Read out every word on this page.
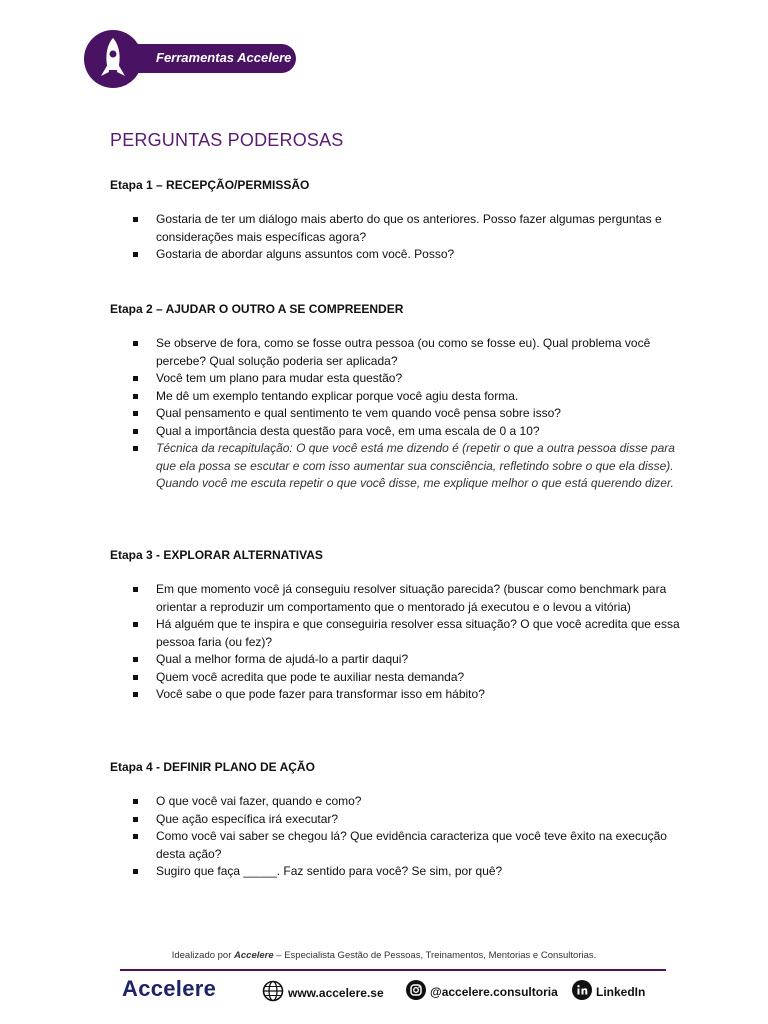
Ferramentas Accelere
PERGUNTAS PODEROSAS
Etapa 1 – RECEPÇÃO/PERMISSÃO
Gostaria de ter um diálogo mais aberto do que os anteriores. Posso fazer algumas perguntas e considerações mais específicas agora?
Gostaria de abordar alguns assuntos com você. Posso?
Etapa 2 – AJUDAR O OUTRO A SE COMPREENDER
Se observe de fora, como se fosse outra pessoa (ou como se fosse eu). Qual problema você percebe? Qual solução poderia ser aplicada?
Você tem um plano para mudar esta questão?
Me dê um exemplo tentando explicar porque você agiu desta forma.
Qual pensamento e qual sentimento te vem quando você pensa sobre isso?
Qual a importância desta questão para você, em uma escala de 0 a 10?
Técnica da recapitulação: O que você está me dizendo é (repetir o que a outra pessoa disse para que ela possa se escutar e com isso aumentar sua consciência, refletindo sobre o que ela disse). Quando você me escuta repetir o que você disse, me explique melhor o que está querendo dizer.
Etapa 3 - EXPLORAR ALTERNATIVAS
Em que momento você já conseguiu resolver situação parecida? (buscar como benchmark para orientar a reproduzir um comportamento que o mentorado já executou e o levou a vitória)
Há alguém que te inspira e que conseguiria resolver essa situação? O que você acredita que essa pessoa faria (ou fez)?
Qual a melhor forma de ajudá-lo a partir daqui?
Quem você acredita que pode te auxiliar nesta demanda?
Você sabe o que pode fazer para transformar isso em hábito?
Etapa 4 - DEFINIR PLANO DE AÇÃO
O que você vai fazer, quando e como?
Que ação específica irá executar?
Como você vai saber se chegou lá? Que evidência caracteriza que você teve êxito na execução desta ação?
Sugiro que faça _____. Faz sentido para você? Se sim, por quê?
Idealizado por Accelere – Especialista Gestão de Pessoas, Treinamentos, Mentorias e Consultorias.
Accelere	www.accelere.se	@accelere.consultoria	LinkedIn
